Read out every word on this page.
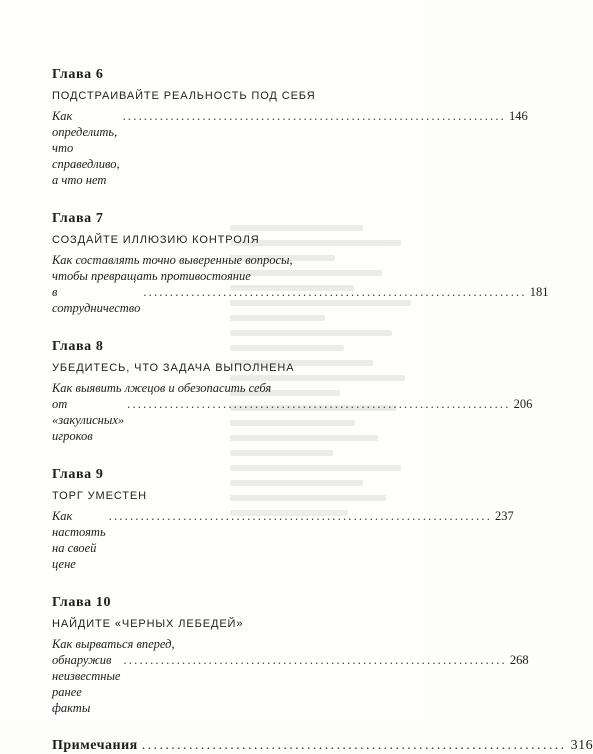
Глава 6

ПОДСТРАИВАЙТЕ РЕАЛЬНОСТЬ ПОД СЕБЯ
Как определить, что справедливо, а что нет
........................................................................ 146

Глава 7

СОЗДАЙТЕ ИЛЛЮЗИЮ КОНТРОЛЯ
Как составлять точно выверенные вопросы,
чтобы превращать противостояние
в сотрудничество
........................................................................ 181

Глава 8

УБЕДИТЕСЬ, ЧТО ЗАДАЧА ВЫПОЛНЕНА
Как выявить лжецов и обезопасить себя
от «закулисных» игроков
........................................................................ 206

Глава 9

ТОРГ УМЕСТЕН
Как настоять на своей цене
........................................................................ 237

Глава 10

НАЙДИТЕ «ЧЕРНЫХ ЛЕБЕДЕЙ»
Как вырваться вперед,
обнаружив неизвестные ранее факты
........................................................................ 268
Примечания ........................................................................ 316
